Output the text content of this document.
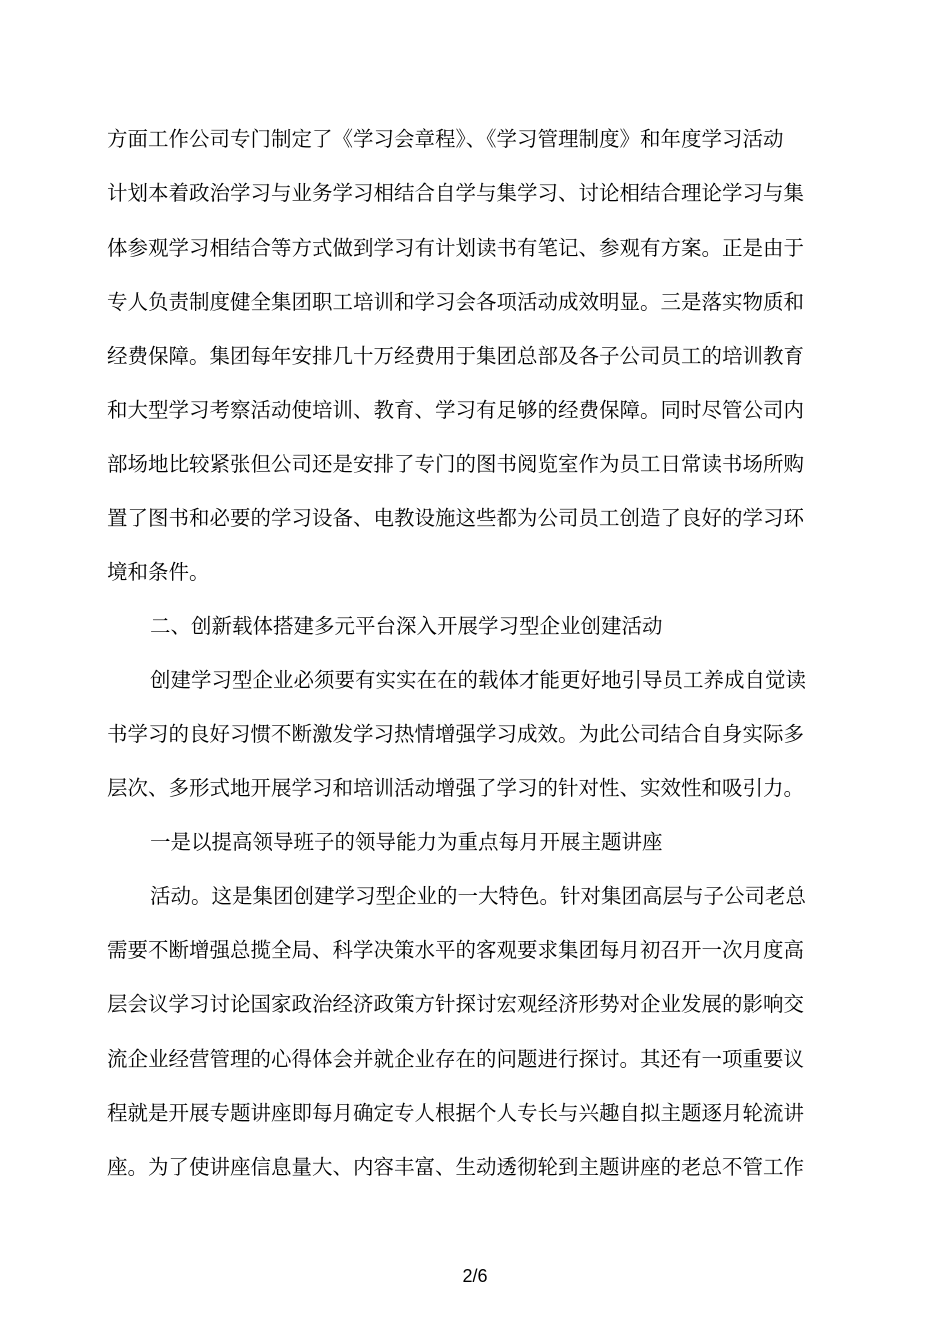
方面工作公司专门制定了《学习会章程》、《学习管理制度》和年度学习活动
计划本着政治学习与业务学习相结合自学与集学习、讨论相结合理论学习与集
体参观学习相结合等方式做到学习有计划读书有笔记、参观有方案。正是由于
专人负责制度健全集团职工培训和学习会各项活动成效明显。三是落实物质和
经费保障。集团每年安排几十万经费用于集团总部及各子公司员工的培训教育
和大型学习考察活动使培训、教育、学习有足够的经费保障。同时尽管公司内
部场地比较紧张但公司还是安排了专门的图书阅览室作为员工日常读书场所购
置了图书和必要的学习设备、电教设施这些都为公司员工创造了良好的学习环
境和条件。
二、创新载体搭建多元平台深入开展学习型企业创建活动
创建学习型企业必须要有实实在在的载体才能更好地引导员工养成自觉读
书学习的良好习惯不断激发学习热情增强学习成效。为此公司结合自身实际多
层次、多形式地开展学习和培训活动增强了学习的针对性、实效性和吸引力。
一是以提高领导班子的领导能力为重点每月开展主题讲座
活动。这是集团创建学习型企业的一大特色。针对集团高层与子公司老总
需要不断增强总揽全局、科学决策水平的客观要求集团每月初召开一次月度高
层会议学习讨论国家政治经济政策方针探讨宏观经济形势对企业发展的影响交
流企业经营管理的心得体会并就企业存在的问题进行探讨。其还有一项重要议
程就是开展专题讲座即每月确定专人根据个人专长与兴趣自拟主题逐月轮流讲
座。为了使讲座信息量大、内容丰富、生动透彻轮到主题讲座的老总不管工作
2/6
